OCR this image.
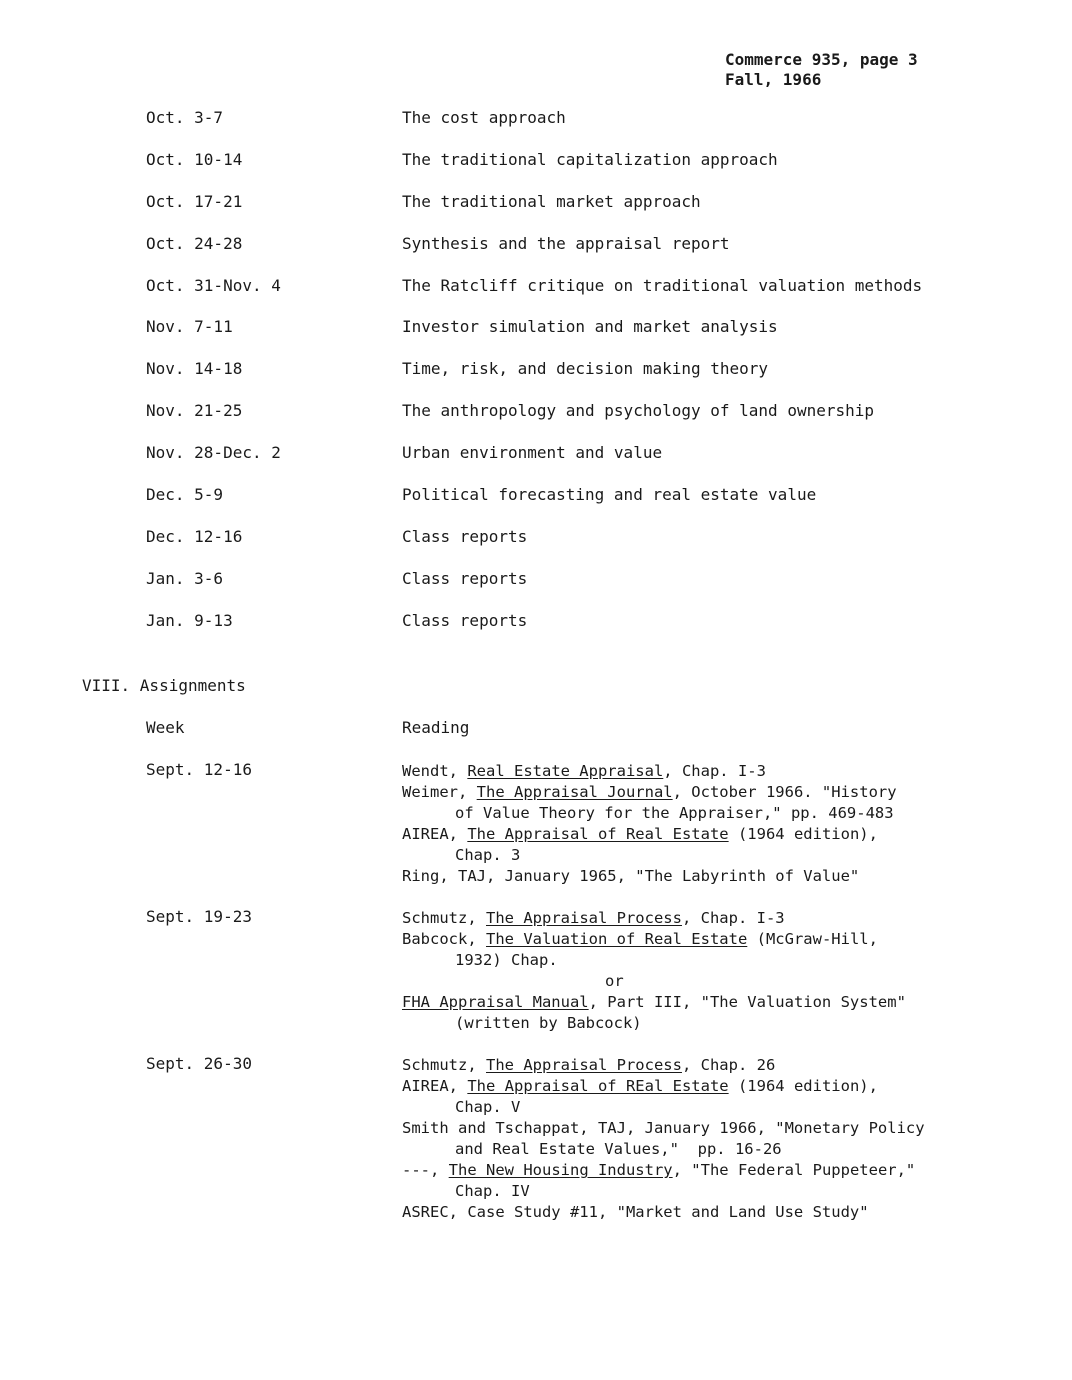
Commerce 935, page 3
Fall, 1966
Oct. 3-7	The cost approach
Oct. 10-14	The traditional capitalization approach
Oct. 17-21	The traditional market approach
Oct. 24-28	Synthesis and the appraisal report
Oct. 31-Nov. 4	The Ratcliff critique on traditional valuation methods
Nov. 7-11	Investor simulation and market analysis
Nov. 14-18	Time, risk, and decision making theory
Nov. 21-25	The anthropology and psychology of land ownership
Nov. 28-Dec. 2	Urban environment and value
Dec. 5-9	Political forecasting and real estate value
Dec. 12-16	Class reports
Jan. 3-6	Class reports
Jan. 9-13	Class reports
VIII. Assignments
Week	Reading
Sept. 12-16	Wendt, Real Estate Appraisal, Chap. I-3
Weimer, The Appraisal Journal, October 1966. "History
of Value Theory for the Appraiser," pp. 469-483
AIREA, The Appraisal of Real Estate (1964 edition),
Chap. 3
Ring, TAJ, January 1965, "The Labyrinth of Value"
Sept. 19-23	Schmutz, The Appraisal Process, Chap. I-3
Babcock, The Valuation of Real Estate (McGraw-Hill,
1932) Chap.
or
FHA Appraisal Manual, Part III, "The Valuation System"
(written by Babcock)
Sept. 26-30	Schmutz, The Appraisal Process, Chap. 26
AIREA, The Appraisal of REal Estate (1964 edition),
Chap. V
Smith and Tschappat, TAJ, January 1966, "Monetary Policy
and Real Estate Values,"  pp. 16-26
---, The New Housing Industry, "The Federal Puppeteer,"
Chap. IV
ASREC, Case Study #11, "Market and Land Use Study"
